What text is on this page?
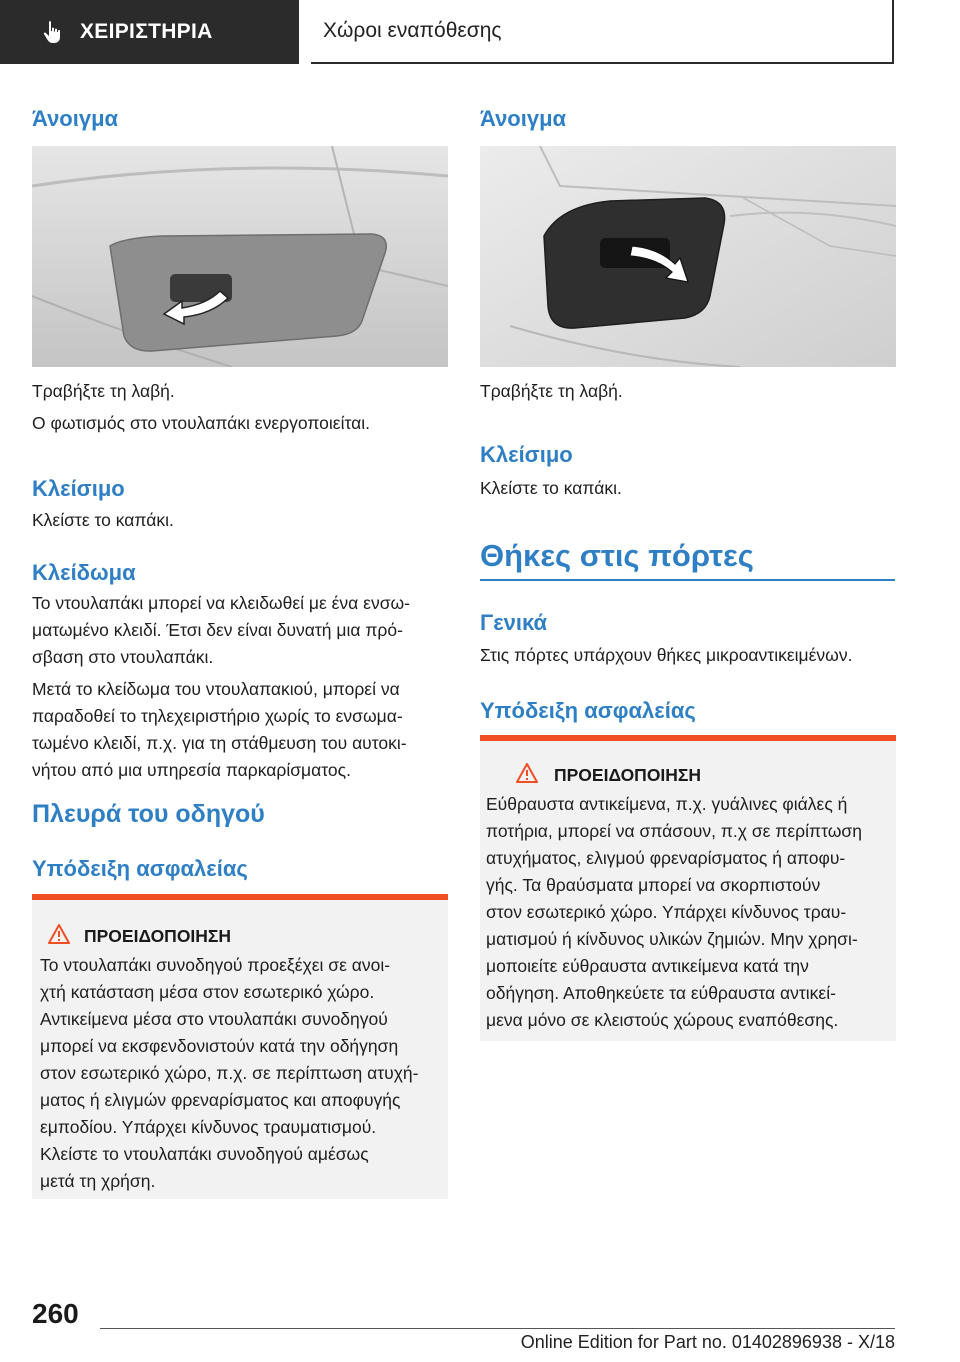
ΧΕΙΡΙΣΤΗΡΙΑ	Χώροι εναπόθεσης
Άνοιγμα

Τραβήξτε τη λαβή.

Ο φωτισμός στο ντουλαπάκι ενεργοποιείται.

Κλείσιμο

Κλείστε το καπάκι.

Κλείδωμα

Το ντουλαπάκι μπορεί να κλειδωθεί με ένα ενσω-
ματωμένο κλειδί. Έτσι δεν είναι δυνατή μια πρό-
σβαση στο ντουλαπάκι.

Μετά το κλείδωμα του ντουλαπακιού, μπορεί να
παραδοθεί το τηλεχειριστήριο χωρίς το ενσωμα-
τωμένο κλειδί, π.χ. για τη στάθμευση του αυτοκι-
νήτου από μια υπηρεσία παρκαρίσματος.

Πλευρά του οδηγού
Υπόδειξη ασφαλείας
ΠΡΟΕΙΔΟΠΟΙΗΣΗ
Το ντουλαπάκι συνοδηγού προεξέχει σε ανοι-
χτή κατάσταση μέσα στον εσωτερικό χώρο.
Αντικείμενα μέσα στο ντουλαπάκι συνοδηγού
μπορεί να εκσφενδονιστούν κατά την οδήγηση
στον εσωτερικό χώρο, π.χ. σε περίπτωση ατυχή-
ματος ή ελιγμών φρεναρίσματος και αποφυγής
εμποδίου. Υπάρχει κίνδυνος τραυματισμού.
Κλείστε το ντουλαπάκι συνοδηγού αμέσως
μετά τη χρήση.
Άνοιγμα

Τραβήξτε τη λαβή.

Κλείσιμο

Κλείστε το καπάκι.

Θήκες στις πόρτες
Γενικά

Στις πόρτες υπάρχουν θήκες μικροαντικειμένων.

Υπόδειξη ασφαλείας
ΠΡΟΕΙΔΟΠΟΙΗΣΗ
Εύθραυστα αντικείμενα, π.χ. γυάλινες φιάλες ή
ποτήρια, μπορεί να σπάσουν, π.χ σε περίπτωση
ατυχήματος, ελιγμού φρεναρίσματος ή αποφυ-
γής. Τα θραύσματα μπορεί να σκορπιστούν
στον εσωτερικό χώρο. Υπάρχει κίνδυνος τραυ-
ματισμού ή κίνδυνος υλικών ζημιών. Μην χρησι-
μοποιείτε εύθραυστα αντικείμενα κατά την
οδήγηση. Αποθηκεύετε τα εύθραυστα αντικεί-
μενα μόνο σε κλειστούς χώρους εναπόθεσης.
260
Online Edition for Part no. 01402896938 - X/18
